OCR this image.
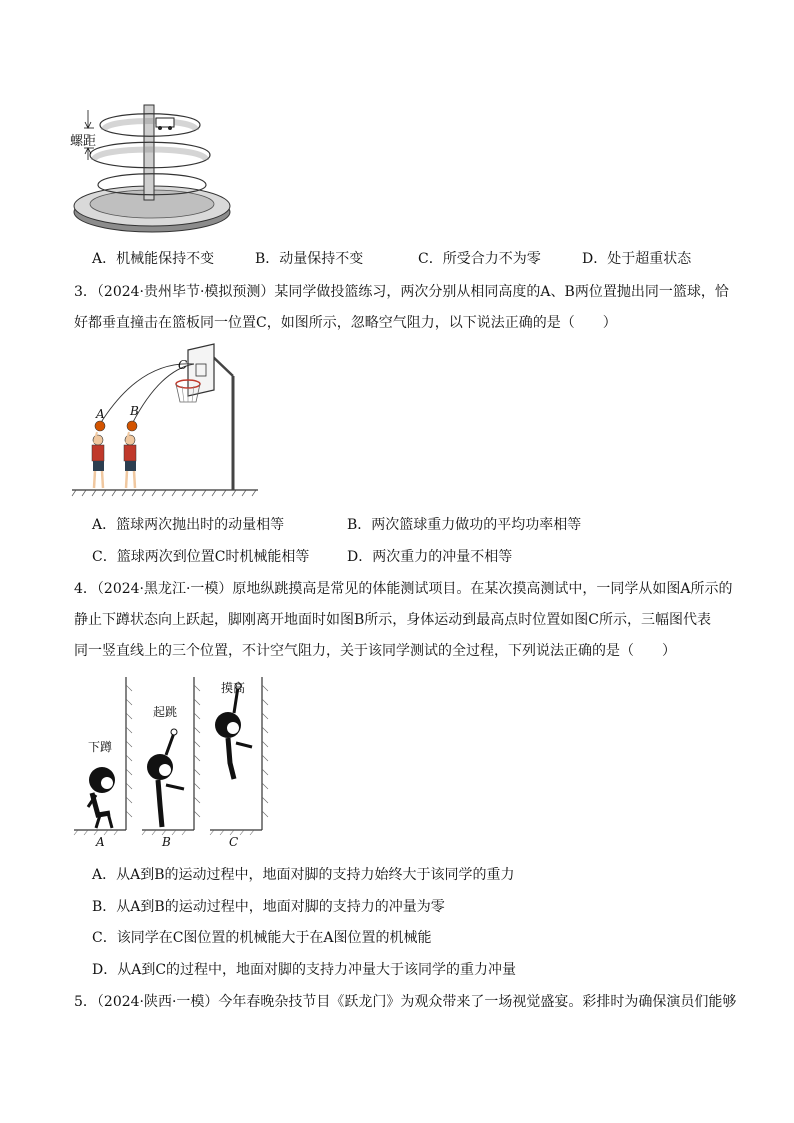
螺距
A．机械能保持不变	B．动量保持不变	C．所受合力不为零	D．处于超重状态
3．（2024·贵州毕节·模拟预测）某同学做投篮练习，两次分别从相同高度的A、B两位置抛出同一篮球，恰
好都垂直撞击在篮板同一位置C，如图所示，忽略空气阻力，以下说法正确的是（　　）
A B
C
A．篮球两次抛出时的动量相等	B．两次篮球重力做功的平均功率相等
C．篮球两次到位置C时机械能相等	D．两次重力的冲量不相等
4．（2024·黑龙江·一模）原地纵跳摸高是常见的体能测试项目。在某次摸高测试中，一同学从如图A所示的
静止下蹲状态向上跃起，脚刚离开地面时如图B所示，身体运动到最高点时位置如图C所示，三幅图代表
同一竖直线上的三个位置，不计空气阻力，关于该同学测试的全过程，下列说法正确的是（　　）
下蹲
起跳
摸高
A	B	C
A．从A到B的运动过程中，地面对脚的支持力始终大于该同学的重力
B．从A到B的运动过程中，地面对脚的支持力的冲量为零
C．该同学在C图位置的机械能大于在A图位置的机械能
D．从A到C的过程中，地面对脚的支持力冲量大于该同学的重力冲量
5．（2024·陕西·一模）今年春晚杂技节目《跃龙门》为观众带来了一场视觉盛宴。彩排时为确保演员们能够
